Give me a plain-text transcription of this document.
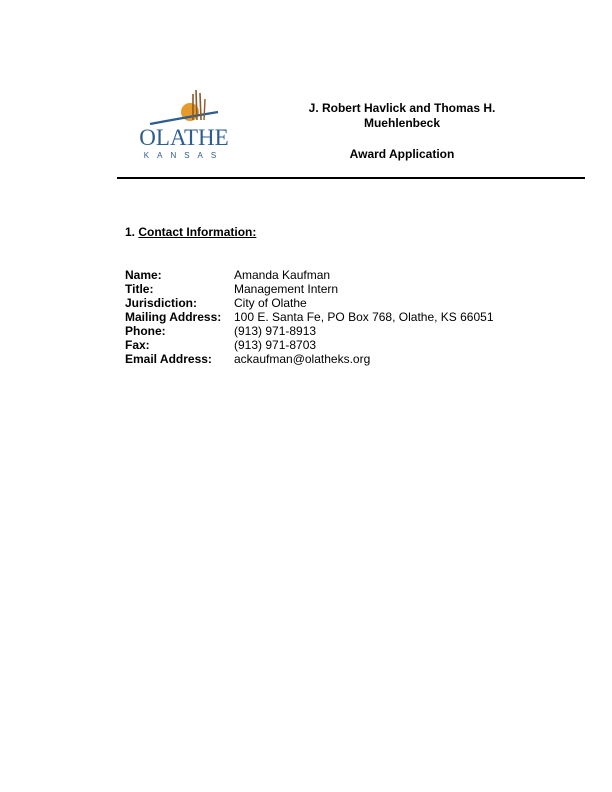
OLATHE
KANSAS
J. Robert Havlick and Thomas H. Muehlenbeck
Award Application
1. Contact Information:
Name:	Amanda Kaufman
Title:	Management Intern
Jurisdiction:	City of Olathe
Mailing Address:	100 E. Santa Fe, PO Box 768, Olathe, KS 66051
Phone:	(913) 971-8913
Fax:	(913) 971-8703
Email Address:	ackaufman@olatheks.org
